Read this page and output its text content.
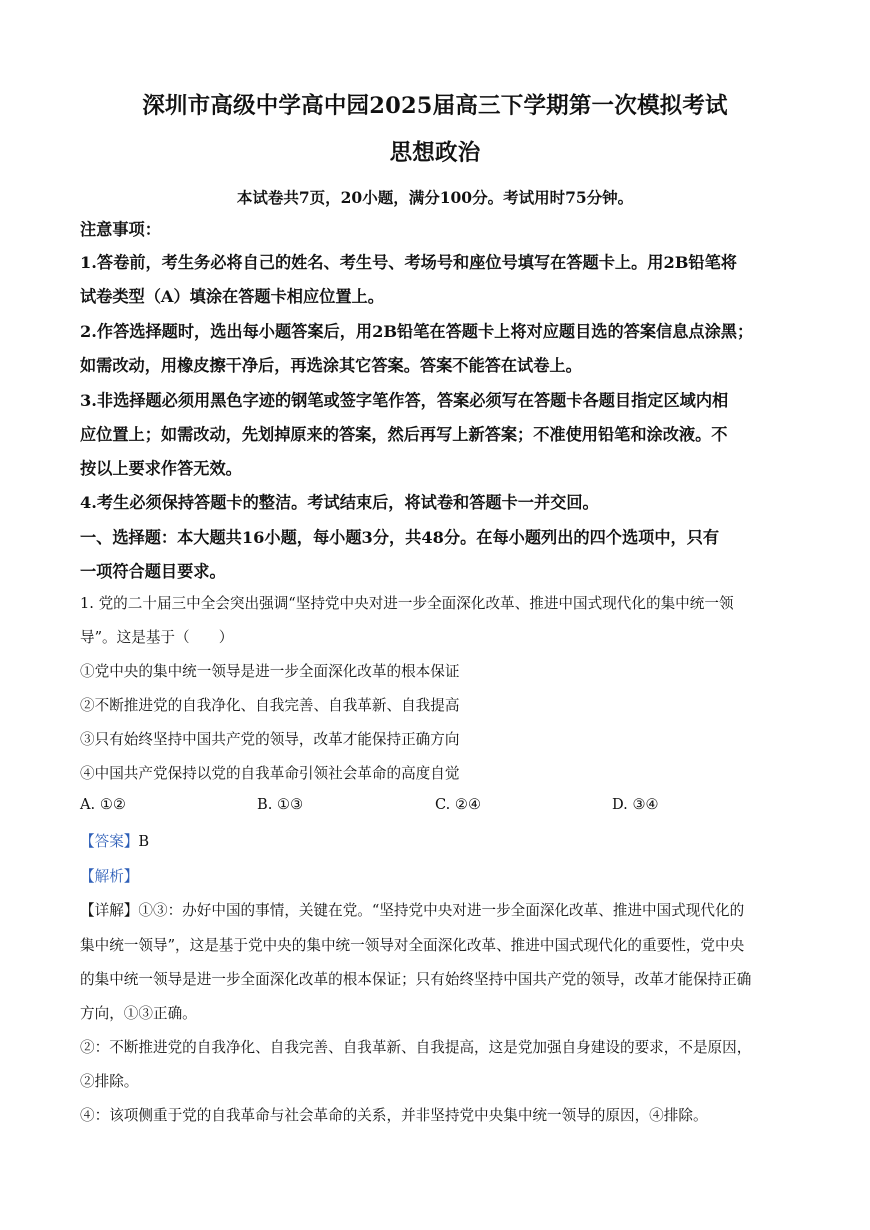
深圳市高级中学高中园2025届高三下学期第一次模拟考试
思想政治
本试卷共7页，20小题，满分100分。考试用时75分钟。
注意事项：
1.答卷前，考生务必将自己的姓名、考生号、考场号和座位号填写在答题卡上。用2B铅笔将
试卷类型（A）填涂在答题卡相应位置上。
2.作答选择题时，选出每小题答案后，用2B铅笔在答题卡上将对应题目选的答案信息点涂黑；
如需改动，用橡皮擦干净后，再选涂其它答案。答案不能答在试卷上。
3.非选择题必须用黑色字迹的钢笔或签字笔作答，答案必须写在答题卡各题目指定区域内相
应位置上；如需改动，先划掉原来的答案，然后再写上新答案；不准使用铅笔和涂改液。不
按以上要求作答无效。
4.考生必须保持答题卡的整洁。考试结束后，将试卷和答题卡一并交回。
一、选择题：本大题共16小题，每小题3分，共48分。在每小题列出的四个选项中，只有
一项符合题目要求。
1. 党的二十届三中全会突出强调“坚持党中央对进一步全面深化改革、推进中国式现代化的集中统一领
导”。这是基于（　　）
①党中央的集中统一领导是进一步全面深化改革的根本保证
②不断推进党的自我净化、自我完善、自我革新、自我提高
③只有始终坚持中国共产党的领导，改革才能保持正确方向
④中国共产党保持以党的自我革命引领社会革命的高度自觉
A. ①②	B. ①③	C. ②④	D. ③④
【答案】B
【解析】
【详解】①③：办好中国的事情，关键在党。“坚持党中央对进一步全面深化改革、推进中国式现代化的
集中统一领导”，这是基于党中央的集中统一领导对全面深化改革、推进中国式现代化的重要性，党中央
的集中统一领导是进一步全面深化改革的根本保证；只有始终坚持中国共产党的领导，改革才能保持正确
方向，①③正确。
②：不断推进党的自我净化、自我完善、自我革新、自我提高，这是党加强自身建设的要求，不是原因，
②排除。
④：该项侧重于党的自我革命与社会革命的关系，并非坚持党中央集中统一领导的原因，④排除。
